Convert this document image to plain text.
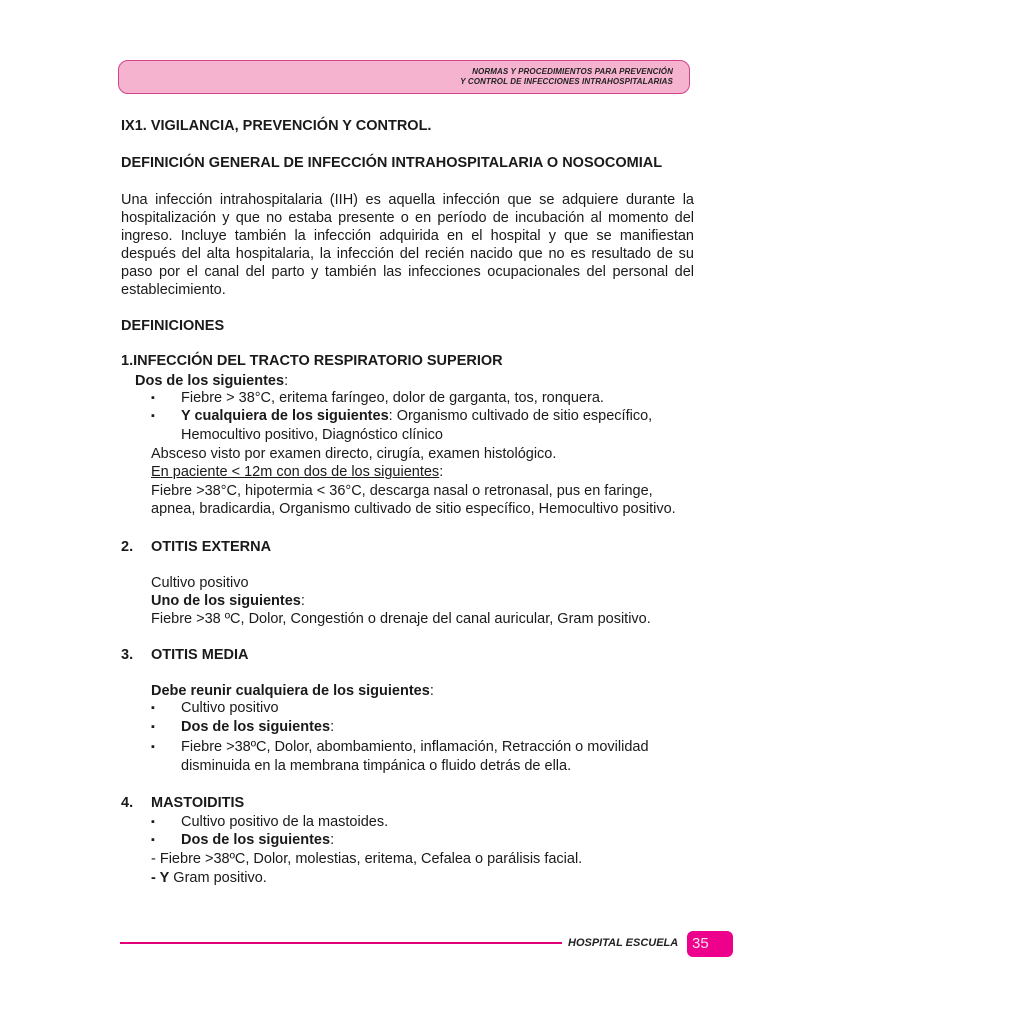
NORMAS Y PROCEDIMIENTOS PARA PREVENCIÓN
Y CONTROL DE INFECCIONES INTRAHOSPITALARIAS
IX1. VIGILANCIA, PREVENCIÓN Y CONTROL.
DEFINICIÓN GENERAL DE INFECCIÓN INTRAHOSPITALARIA O NOSOCOMIAL
Una infección intrahospitalaria (IIH) es aquella infección que se adquiere durante la
hospitalización y que no estaba presente o en período de incubación al momento del
ingreso. Incluye también la infección adquirida en el hospital y que se manifiestan
después del alta hospitalaria, la infección del recién nacido que no es resultado de su
paso por el canal del parto y también las infecciones ocupacionales del personal del
establecimiento.
DEFINICIONES
1.INFECCIÓN DEL TRACTO RESPIRATORIO SUPERIOR
Dos de los siguientes:
▪ Fiebre > 38°C, eritema faríngeo, dolor de garganta, tos, ronquera.
▪ Y cualquiera de los siguientes: Organismo cultivado de sitio específico,
Hemocultivo positivo, Diagnóstico clínico
Absceso visto por examen directo, cirugía, examen histológico.
En paciente < 12m con dos de los siguientes:
Fiebre >38°C, hipotermia < 36°C, descarga nasal o retronasal, pus en faringe,
apnea, bradicardia, Organismo cultivado de sitio específico, Hemocultivo positivo.
2. OTITIS EXTERNA
Cultivo positivo
Uno de los siguientes:
Fiebre >38 ºC, Dolor, Congestión o drenaje del canal auricular, Gram positivo.
3. OTITIS MEDIA
Debe reunir cualquiera de los siguientes:
▪ Cultivo positivo
▪ Dos de los siguientes:
▪ Fiebre >38ºC, Dolor, abombamiento, inflamación, Retracción o movilidad
disminuida en la membrana timpánica o fluido detrás de ella.
4. MASTOIDITIS
▪ Cultivo positivo de la mastoides.
▪ Dos de los siguientes:
- Fiebre >38ºC, Dolor, molestias, eritema, Cefalea o parálisis facial.
- Y Gram positivo.
HOSPITAL ESCUELA 35
